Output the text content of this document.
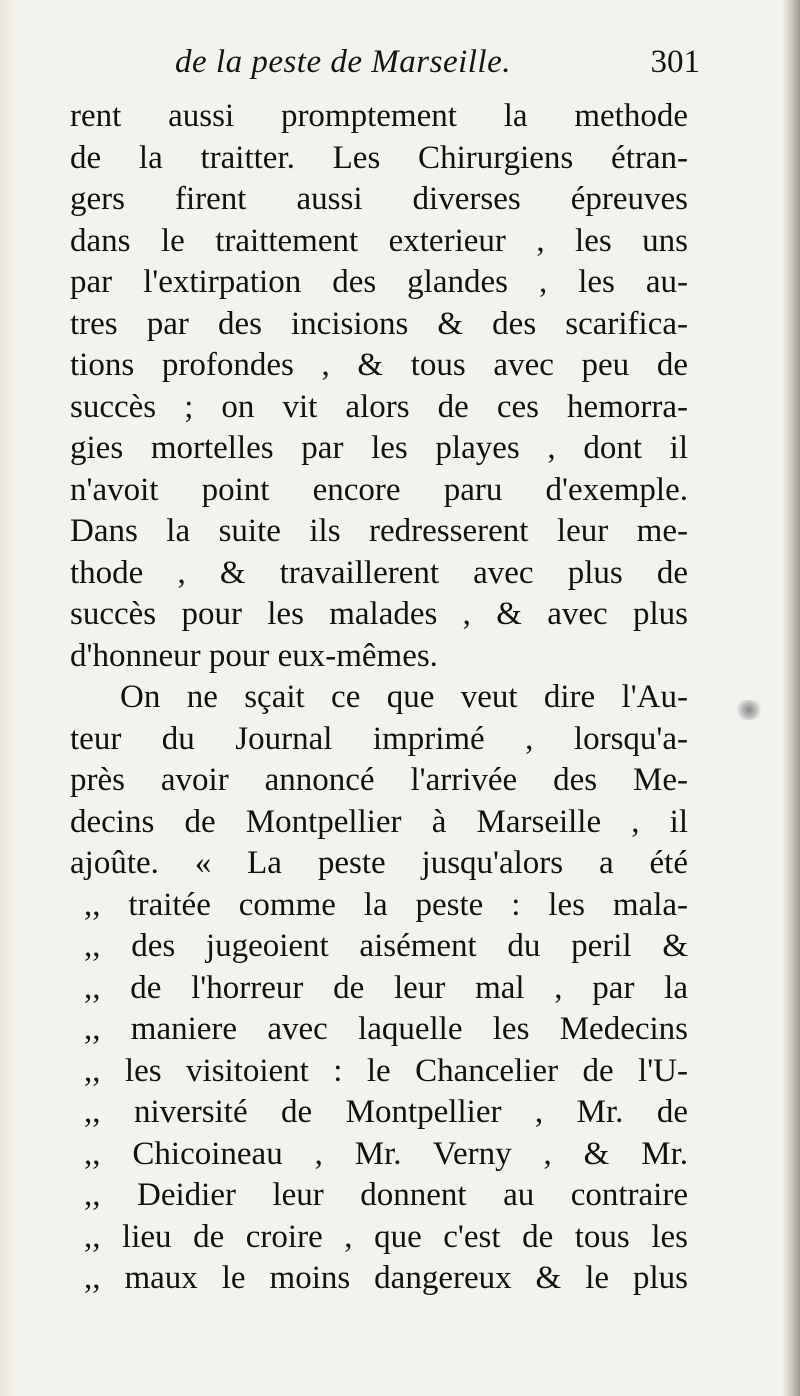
de la peste de Marseille.	301
rent aussi promptement la methode
de la traitter. Les Chirurgiens étran-
gers firent aussi diverses épreuves
dans le traittement exterieur , les uns
par l'extirpation des glandes , les au-
tres par des incisions & des scarifica-
tions profondes , & tous avec peu de
succès ; on vit alors de ces hemorra-
gies mortelles par les playes , dont il
n'avoit point encore paru d'exemple.
Dans la suite ils redresserent leur me-
thode , & travaillerent avec plus de
succès pour les malades , & avec plus
d'honneur pour eux-mêmes.
On ne sçait ce que veut dire l'Au-
teur du Journal imprimé , lorsqu'a-
près avoir annoncé l'arrivée des Me-
decins de Montpellier à Marseille , il
ajoûte. « La peste jusqu'alors a été
,, traitée comme la peste : les mala-
,, des jugeoient aisément du peril &
,, de l'horreur de leur mal , par la
,, maniere avec laquelle les Medecins
,, les visitoient : le Chancelier de l'U-
,, niversité de Montpellier , Mr. de
,, Chicoineau , Mr. Verny , & Mr.
,, Deidier leur donnent au contraire
,, lieu de croire , que c'est de tous les
,, maux le moins dangereux & le plus
